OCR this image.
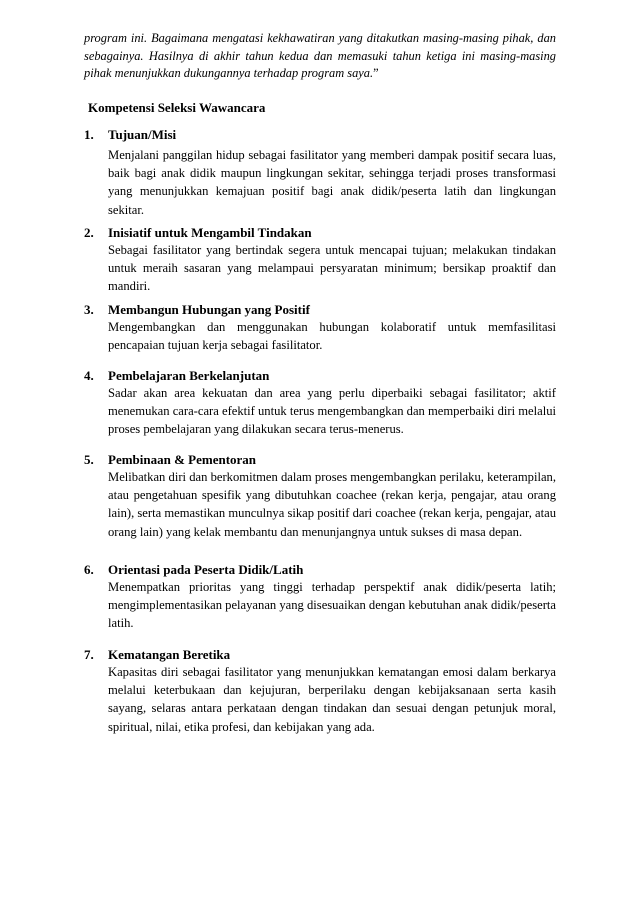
program ini. Bagaimana mengatasi kekhawatiran yang ditakutkan masing-masing pihak, dan sebagainya. Hasilnya di akhir tahun kedua dan memasuki tahun ketiga ini masing-masing pihak menunjukkan dukungannya terhadap program saya.”
Kompetensi Seleksi Wawancara
1. Tujuan/Misi
Menjalani panggilan hidup sebagai fasilitator yang memberi dampak positif secara luas, baik bagi anak didik maupun lingkungan sekitar, sehingga terjadi proses transformasi yang menunjukkan kemajuan positif bagi anak didik/peserta latih dan lingkungan sekitar.
2. Inisiatif untuk Mengambil Tindakan
Sebagai fasilitator yang bertindak segera untuk mencapai tujuan; melakukan tindakan untuk meraih sasaran yang melampaui persyaratan minimum; bersikap proaktif dan mandiri.
3. Membangun Hubungan yang Positif
Mengembangkan dan menggunakan hubungan kolaboratif untuk memfasilitasi pencapaian tujuan kerja sebagai fasilitator.
4. Pembelajaran Berkelanjutan
Sadar akan area kekuatan dan area yang perlu diperbaiki sebagai fasilitator; aktif menemukan cara-cara efektif untuk terus mengembangkan dan memperbaiki diri melalui proses pembelajaran yang dilakukan secara terus-menerus.
5. Pembinaan & Pementoran
Melibatkan diri dan berkomitmen dalam proses mengembangkan perilaku, keterampilan, atau pengetahuan spesifik yang dibutuhkan coachee (rekan kerja, pengajar, atau orang lain), serta memastikan munculnya sikap positif dari coachee (rekan kerja, pengajar, atau orang lain) yang kelak membantu dan menunjangnya untuk sukses di masa depan.
6. Orientasi pada Peserta Didik/Latih
Menempatkan prioritas yang tinggi terhadap perspektif anak didik/peserta latih; mengimplementasikan pelayanan yang disesuaikan dengan kebutuhan anak didik/peserta latih.
7. Kematangan Beretika
Kapasitas diri sebagai fasilitator yang menunjukkan kematangan emosi dalam berkarya melalui keterbukaan dan kejujuran, berperilaku dengan kebijaksanaan serta kasih sayang, selaras antara perkataan dengan tindakan dan sesuai dengan petunjuk moral, spiritual, nilai, etika profesi, dan kebijakan yang ada.
